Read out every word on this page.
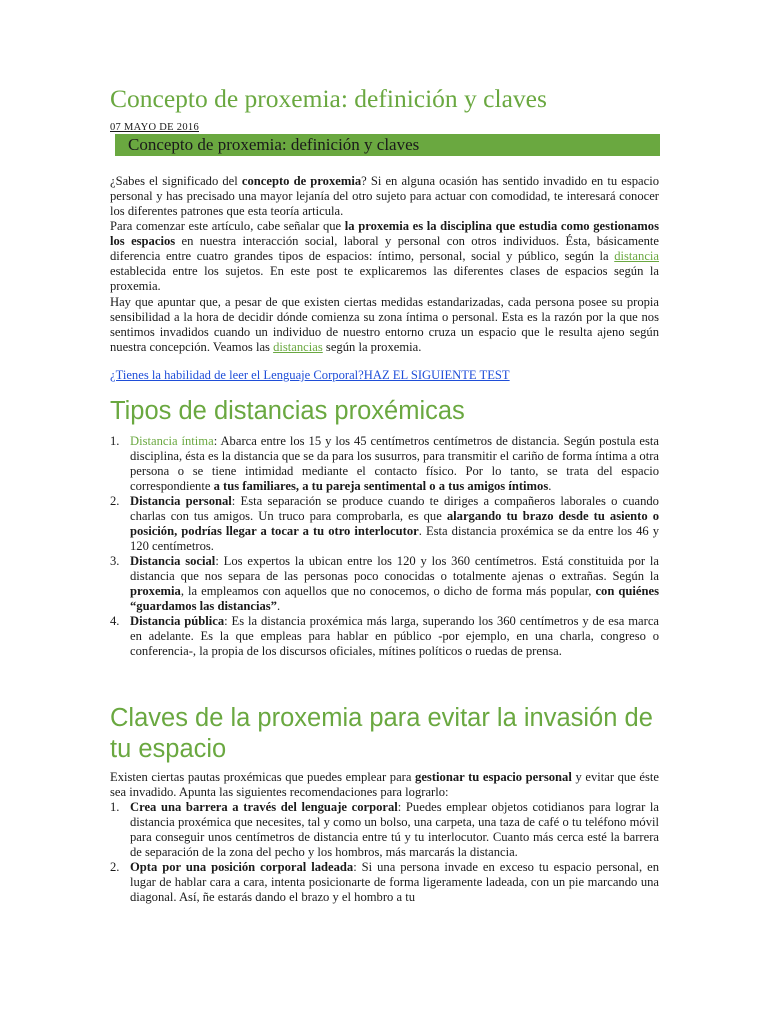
Concepto de proxemia: definición y claves
07 MAYO DE 2016
Concepto de proxemia: definición y claves

¿Sabes el significado del concepto de proxemia? Si en alguna ocasión has sentido invadido en tu espacio personal y has precisado una mayor lejanía del otro sujeto para actuar con comodidad, te interesará conocer los diferentes patrones que esta teoría articula.

Para comenzar este artículo, cabe señalar que la proxemia es la disciplina que estudia como gestionamos los espacios en nuestra interacción social, laboral y personal con otros individuos. Ésta, básicamente diferencia entre cuatro grandes tipos de espacios: íntimo, personal, social y público, según la distancia establecida entre los sujetos. En este post te explicaremos las diferentes clases de espacios según la proxemia.

Hay que apuntar que, a pesar de que existen ciertas medidas estandarizadas, cada persona posee su propia sensibilidad a la hora de decidir dónde comienza su zona íntima o personal. Esta es la razón por la que nos sentimos invadidos cuando un individuo de nuestro entorno cruza un espacio que le resulta ajeno según nuestra concepción. Veamos las distancias según la proxemia.

¿Tienes la habilidad de leer el Lenguaje Corporal?HAZ EL SIGUIENTE TEST
Tipos de distancias proxémicas
1. Distancia íntima: Abarca entre los 15 y los 45 centímetros centímetros de distancia. Según postula esta disciplina, ésta es la distancia que se da para los susurros, para transmitir el cariño de forma íntima a otra persona o se tiene intimidad mediante el contacto físico. Por lo tanto, se trata del espacio correspondiente a tus familiares, a tu pareja sentimental o a tus amigos íntimos.
2. Distancia personal: Esta separación se produce cuando te diriges a compañeros laborales o cuando charlas con tus amigos. Un truco para comprobarla, es que alargando tu brazo desde tu asiento o posición, podrías llegar a tocar a tu otro interlocutor. Esta distancia proxémica se da entre los 46 y 120 centímetros.
3. Distancia social: Los expertos la ubican entre los 120 y los 360 centímetros. Está constituida por la distancia que nos separa de las personas poco conocidas o totalmente ajenas o extrañas. Según la proxemia, la empleamos con aquellos que no conocemos, o dicho de forma más popular, con quiénes “guardamos las distancias”.
4. Distancia pública: Es la distancia proxémica más larga, superando los 360 centímetros y de esa marca en adelante. Es la que empleas para hablar en público -por ejemplo, en una charla, congreso o conferencia-, la propia de los discursos oficiales, mítines políticos o ruedas de prensa.
Claves de la proxemia para evitar la invasión de tu espacio

Existen ciertas pautas proxémicas que puedes emplear para gestionar tu espacio personal y evitar que éste sea invadido. Apunta las siguientes recomendaciones para lograrlo:

1. Crea una barrera a través del lenguaje corporal: Puedes emplear objetos cotidianos para lograr la distancia proxémica que necesites, tal y como un bolso, una carpeta, una taza de café o tu teléfono móvil para conseguir unos centímetros de distancia entre tú y tu interlocutor. Cuanto más cerca esté la barrera de separación de la zona del pecho y los hombros, más marcarás la distancia.
2. Opta por una posición corporal ladeada: Si una persona invade en exceso tu espacio personal, en lugar de hablar cara a cara, intenta posicionarte de forma ligeramente ladeada, con un pie marcando una diagonal. Así, ñe estarás dando el brazo y el hombro a tu
